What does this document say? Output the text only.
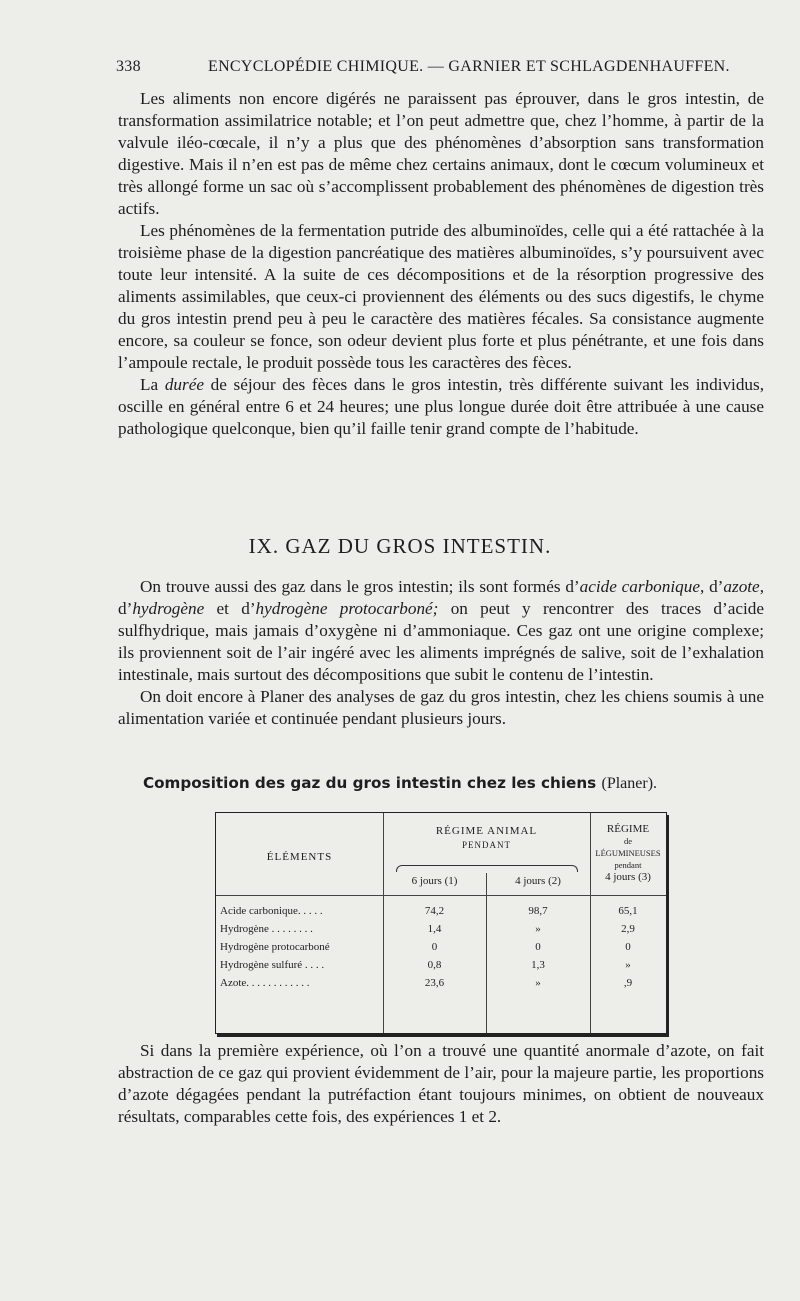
338	ENCYCLOPÉDIE CHIMIQUE. — GARNIER ET SCHLAGDENHAUFFEN.

Les aliments non encore digérés ne paraissent pas éprouver, dans le gros intestin, de transformation assimilatrice notable; et l’on peut admettre que, chez l’homme, à partir de la valvule iléo-cœcale, il n’y a plus que des phénomènes d’absorption sans transformation digestive. Mais il n’en est pas de même chez certains animaux, dont le cœcum volumineux et très allongé forme un sac où s’accomplissent probablement des phénomènes de digestion très actifs.

Les phénomènes de la fermentation putride des albuminoïdes, celle qui a été rattachée à la troisième phase de la digestion pancréatique des matières albuminoïdes, s’y poursuivent avec toute leur intensité. A la suite de ces décompositions et de la résorption progressive des aliments assimilables, que ceux-ci proviennent des éléments ou des sucs digestifs, le chyme du gros intestin prend peu à peu le caractère des matières fécales. Sa consistance augmente encore, sa couleur se fonce, son odeur devient plus forte et plus pénétrante, et une fois dans l’ampoule rectale, le produit possède tous les caractères des fèces.

La durée de séjour des fèces dans le gros intestin, très différente suivant les individus, oscille en général entre 6 et 24 heures; une plus longue durée doit être attribuée à une cause pathologique quelconque, bien qu’il faille tenir grand compte de l’habitude.

IX. GAZ DU GROS INTESTIN.

On trouve aussi des gaz dans le gros intestin; ils sont formés d’acide carbonique, d’azote, d’hydrogène et d’hydrogène protocarboné; on peut y rencontrer des traces d’acide sulfhydrique, mais jamais d’oxygène ni d’ammoniaque. Ces gaz ont une origine complexe; ils proviennent soit de l’air ingéré avec les aliments imprégnés de salive, soit de l’exhalation intestinale, mais surtout des décompositions que subit le contenu de l’intestin.

On doit encore à Planer des analyses de gaz du gros intestin, chez les chiens soumis à une alimentation variée et continuée pendant plusieurs jours.

Composition des gaz du gros intestin chez les chiens (Planer).
ÉLÉMENTS
RÉGIME ANIMAL
PENDANT
6 jours (1)	4 jours (2)
RÉGIME
de
LÉGUMINEUSES
pendant
4 jours (3)
Acide carbonique. . . . .	74,2	98,7	65,1
Hydrogène . . . . . . . .	1,4	»	2,9
Hydrogène protocarboné	0	0	0
Hydrogène sulfuré . . . .	0,8	1,3	»
Azote. . . . . . . . . . . .	23,6	»	,9

Si dans la première expérience, où l’on a trouvé une quantité anormale d’azote, on fait abstraction de ce gaz qui provient évidemment de l’air, pour la majeure partie, les proportions d’azote dégagées pendant la putréfaction étant toujours minimes, on obtient de nouveaux résultats, comparables cette fois, des expériences 1 et 2.
